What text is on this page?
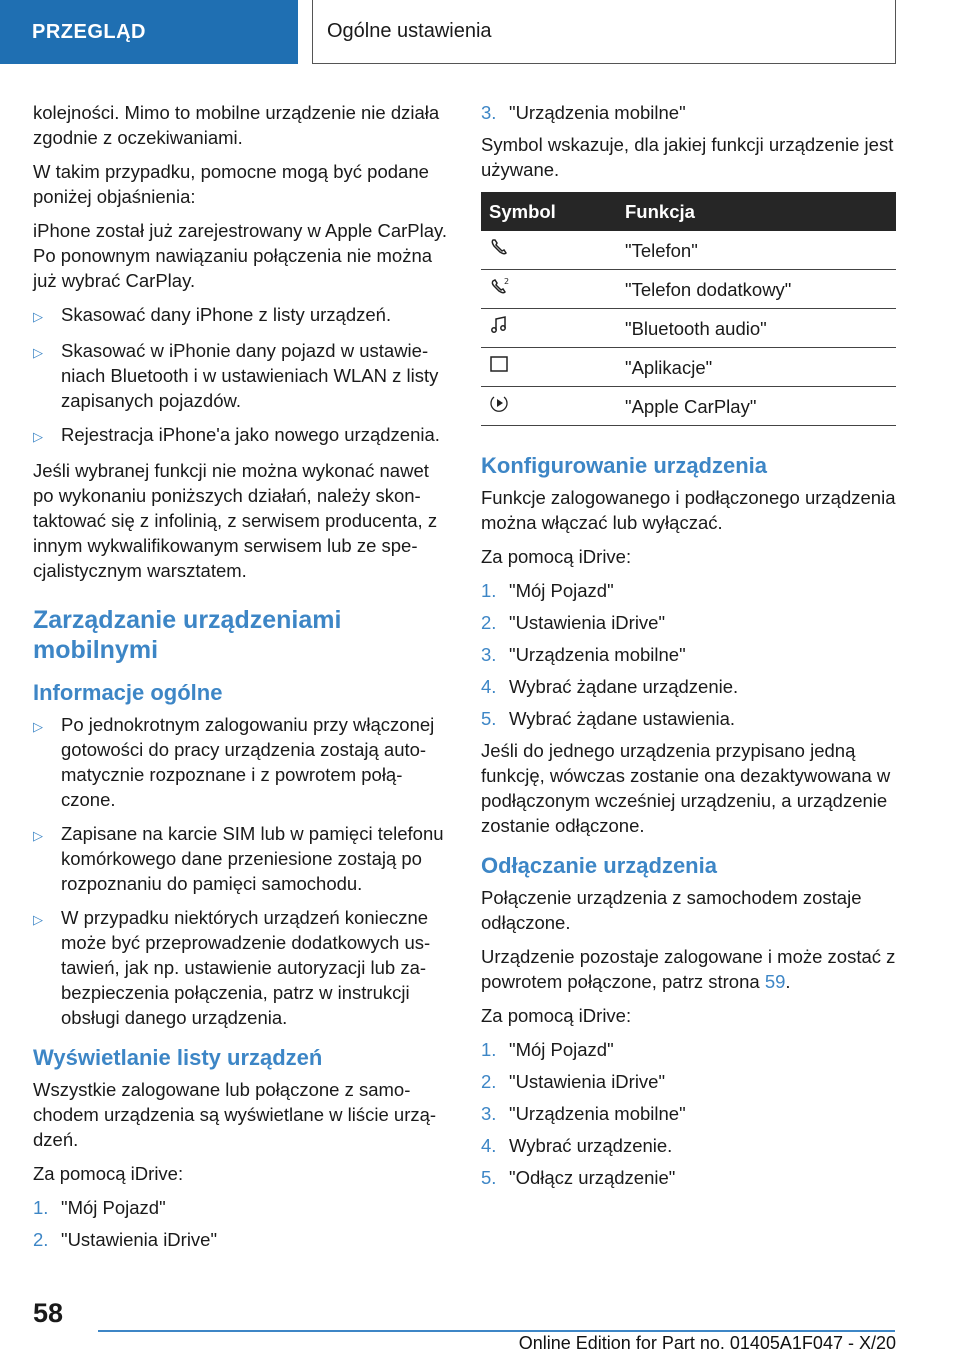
PRZEGLĄD	Ogólne ustawienia

kolejności. Mimo to mobilne urządzenie nie działa zgodnie z oczekiwaniami.

W takim przypadku, pomocne mogą być podane poniżej objaśnienia:

iPhone został już zarejestrowany w Apple CarPlay. Po ponownym nawiązaniu połączenia nie można już wybrać CarPlay.

▷ Skasować dany iPhone z listy urządzeń.
▷ Skasować w iPhonie dany pojazd w ustawieniach Bluetooth i w ustawieniach WLAN z listy zapisanych pojazdów.
▷ Rejestracja iPhone'a jako nowego urządzenia.

Jeśli wybranej funkcji nie można wykonać nawet po wykonaniu poniższych działań, należy skontaktować się z infolinią, z serwisem producenta, z innym wykwalifikowanym serwisem lub ze specjalistycznym warsztatem.

Zarządzanie urządzeniami mobilnymi
Informacje ogólne
▷ Po jednokrotnym zalogowaniu przy włączonej gotowości do pracy urządzenia zostają automatycznie rozpoznane i z powrotem połączone.
▷ Zapisane na karcie SIM lub w pamięci telefonu komórkowego dane przeniesione zostają po rozpoznaniu do pamięci samochodu.
▷ W przypadku niektórych urządzeń konieczne może być przeprowadzenie dodatkowych ustawień, jak np. ustawienie autoryzacji lub zabezpieczenia połączenia, patrz w instrukcji obsługi danego urządzenia.
Wyświetlanie listy urządzeń

Wszystkie zalogowane lub połączone z samochodem urządzenia są wyświetlane w liście urządzeń.

Za pomocą iDrive:

1. "Mój Pojazd"
2. "Ustawienia iDrive"
3. "Urządzenia mobilne"

Symbol wskazuje, dla jakiej funkcji urządzenie jest używane.

Symbol	Funkcja
	"Telefon"

2	"Telefon dodatkowy"
	"Bluetooth audio"
	"Aplikacje"
	"Apple CarPlay"
Konfigurowanie urządzenia

Funkcje zalogowanego i podłączonego urządzenia można włączać lub wyłączać.

Za pomocą iDrive:

1. "Mój Pojazd"
2. "Ustawienia iDrive"
3. "Urządzenia mobilne"
4. Wybrać żądane urządzenie.
5. Wybrać żądane ustawienia.

Jeśli do jednego urządzenia przypisano jedną funkcję, wówczas zostanie ona dezaktywowana w podłączonym wcześniej urządzeniu, a urządzenie zostanie odłączone.

Odłączanie urządzenia

Połączenie urządzenia z samochodem zostaje odłączone.

Urządzenie pozostaje zalogowane i może zostać z powrotem połączone, patrz strona 59.

Za pomocą iDrive:

1. "Mój Pojazd"
2. "Ustawienia iDrive"
3. "Urządzenia mobilne"
4. Wybrać urządzenie.
5. "Odłącz urządzenie"
58
Online Edition for Part no. 01405A1F047 - X/20
